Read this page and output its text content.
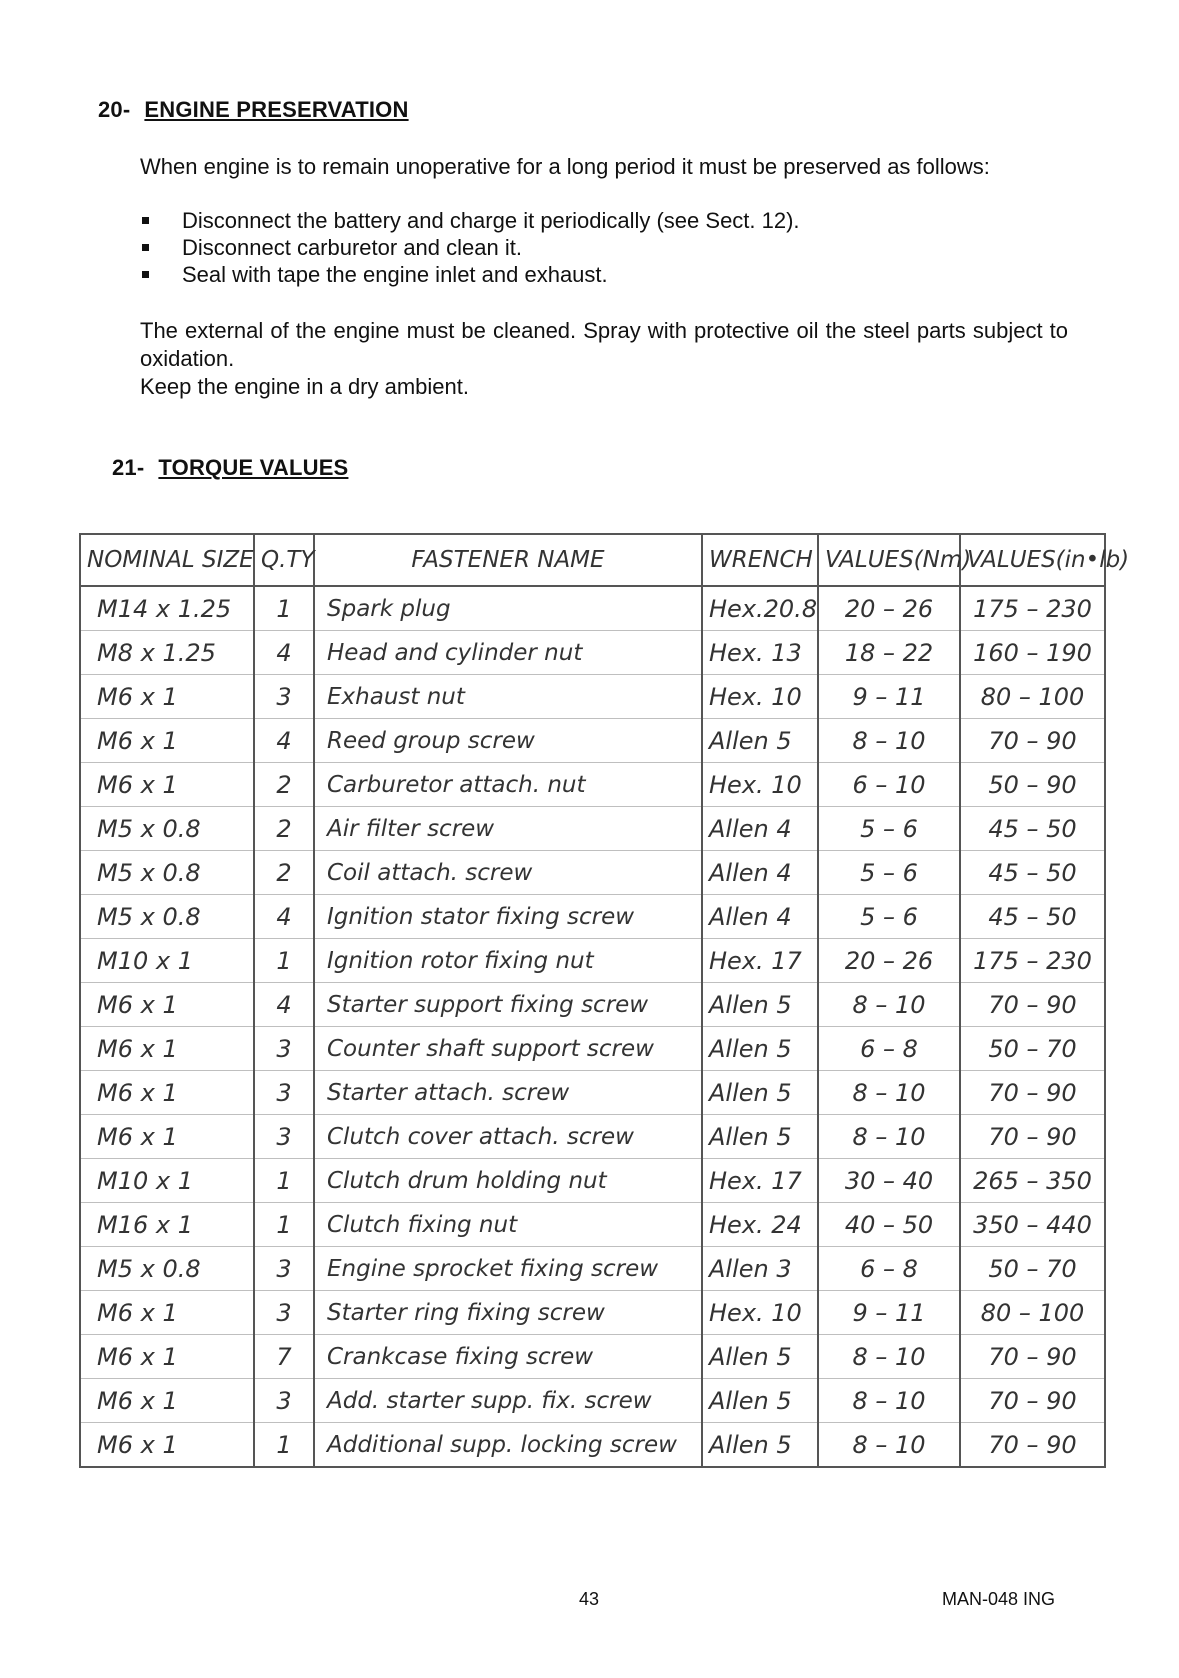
20- ENGINE PRESERVATION
When engine is to remain unoperative for a long period it must be preserved as follows:
Disconnect the battery and charge it periodically (see Sect. 12).
Disconnect carburetor and clean it.
Seal with tape the engine inlet and exhaust.
The external of the engine must be cleaned. Spray with protective oil the steel parts subject to oxidation.
Keep the engine in a dry ambient.
21- TORQUE VALUES
NOMINAL SIZE	Q.TY	FASTENER NAME	WRENCH	VALUES(Nm)	VALUES(in•lb)
M14 x 1.25	1	Spark plug	Hex.20.8	20 – 26	175 – 230
M8 x 1.25	4	Head and cylinder nut	Hex. 13	18 – 22	160 – 190
M6 x 1	3	Exhaust nut	Hex. 10	9 – 11	80 – 100
M6 x 1	4	Reed group screw	Allen 5	8 – 10	70 – 90
M6 x 1	2	Carburetor attach. nut	Hex. 10	6 – 10	50 – 90
M5 x 0.8	2	Air filter screw	Allen 4	5 – 6	45 – 50
M5 x 0.8	2	Coil attach. screw	Allen 4	5 – 6	45 – 50
M5 x 0.8	4	Ignition stator fixing screw	Allen 4	5 – 6	45 – 50
M10 x 1	1	Ignition rotor fixing nut	Hex. 17	20 – 26	175 – 230
M6 x 1	4	Starter support fixing screw	Allen 5	8 – 10	70 – 90
M6 x 1	3	Counter shaft support screw	Allen 5	6 – 8	50 – 70
M6 x 1	3	Starter attach. screw	Allen 5	8 – 10	70 – 90
M6 x 1	3	Clutch cover attach. screw	Allen 5	8 – 10	70 – 90
M10 x 1	1	Clutch drum holding nut	Hex. 17	30 – 40	265 – 350
M16 x 1	1	Clutch fixing nut	Hex. 24	40 – 50	350 – 440
M5 x 0.8	3	Engine sprocket fixing screw	Allen 3	6 – 8	50 – 70
M6 x 1	3	Starter ring fixing screw	Hex. 10	9 – 11	80 – 100
M6 x 1	7	Crankcase fixing screw	Allen 5	8 – 10	70 – 90
M6 x 1	3	Add. starter supp. fix. screw	Allen 5	8 – 10	70 – 90
M6 x 1	1	Additional supp. locking screw	Allen 5	8 – 10	70 – 90
43	MAN-048 ING
